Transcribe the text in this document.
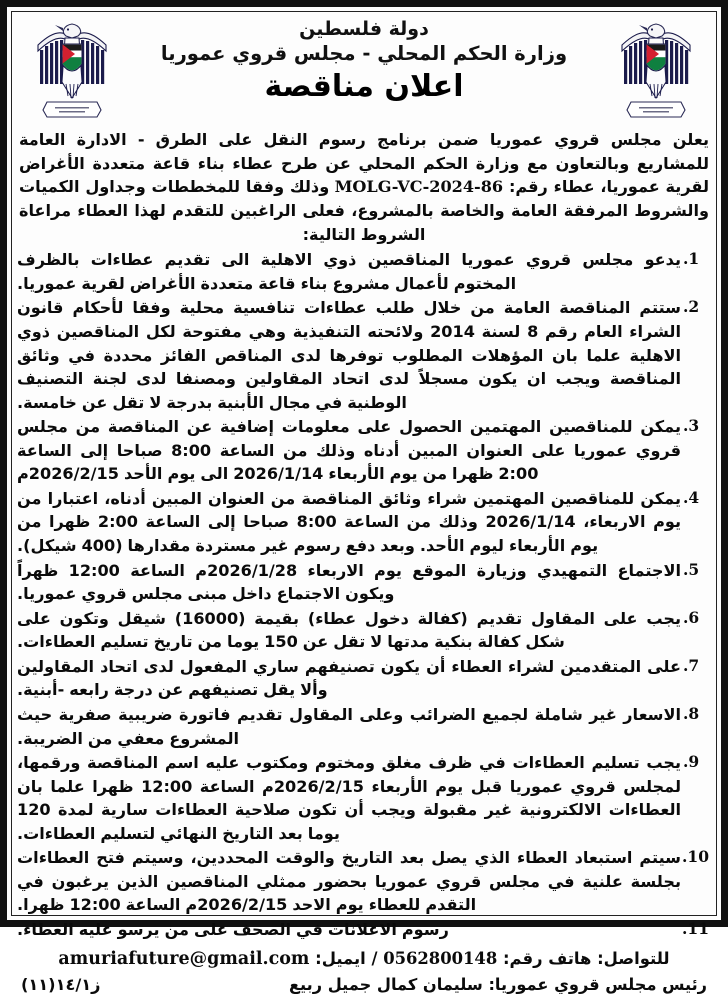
دولة فلسطين
وزارة الحكم المحلي - مجلس قروي عموريا
اعلان مناقصة

يعلن مجلس قروي عموريا ضمن برنامج رسوم النقل على الطرق - الادارة العامة للمشاريع وبالتعاون مع وزارة الحكم المحلي عن طرح عطاء بناء قاعة متعددة الأغراض لقرية عموريا، عطاء رقم: MOLG-VC-2024-86 وذلك وفقا للمخططات وجداول الكميات والشروط المرفقة العامة والخاصة بالمشروع، فعلى الراغبين للتقدم لهذا العطاء مراعاة الشروط التالية:

يدعو مجلس قروي عموريا المناقصين ذوي الاهلية الى تقديم عطاءات بالظرف المختوم لأعمال مشروع بناء قاعة متعددة الأغراض لقرية عموريا.
ستتم المناقصة العامة من خلال طلب عطاءات تنافسية محلية وفقا لأحكام قانون الشراء العام رقم 8 لسنة 2014 ولائحته التنفيذية وهي مفتوحة لكل المناقصين ذوي الاهلية علما بان المؤهلات المطلوب توفرها لدى المناقص الفائز محددة في وثائق المناقصة ويجب ان يكون مسجلاً لدى اتحاد المقاولين ومصنفا لدى لجنة التصنيف الوطنية في مجال الأبنية بدرجة لا تقل عن خامسة.
يمكن للمناقصين المهتمين الحصول على معلومات إضافية عن المناقصة من مجلس قروي عموريا على العنوان المبين أدناه وذلك من الساعة 8:00 صباحا إلى الساعة 2:00 ظهرا من يوم الأربعاء 2026/1/14 الى يوم الأحد 2026/2/15م
يمكن للمناقصين المهتمين شراء وثائق المناقصة من العنوان المبين أدناه، اعتبارا من يوم الاربعاء، 2026/1/14 وذلك من الساعة 8:00 صباحا إلى الساعة 2:00 ظهرا من يوم الأربعاء ليوم الأحد. وبعد دفع رسوم غير مستردة مقدارها (400 شيكل).
الاجتماع التمهيدي وزيارة الموقع يوم الاربعاء 2026/1/28م الساعة 12:00 ظهراً ويكون الاجتماع داخل مبنى مجلس قروي عموريا.
يجب على المقاول تقديم (كفالة دخول عطاء) بقيمة (16000) شيقل وتكون على شكل كفالة بنكية مدتها لا تقل عن 150 يوما من تاريخ تسليم العطاءات.
على المتقدمين لشراء العطاء أن يكون تصنيفهم ساري المفعول لدى اتحاد المقاولين وألا يقل تصنيفهم عن درجة رابعه -أبنية.
الاسعار غير شاملة لجميع الضرائب وعلى المقاول تقديم فاتورة ضريبية صفرية حيث المشروع معفي من الضريبة.
يجب تسليم العطاءات في ظرف مغلق ومختوم ومكتوب عليه اسم المناقصة ورقمها، لمجلس قروي عموريا قبل يوم الأربعاء 2026/2/15م الساعة 12:00 ظهرا علما بان العطاءات الالكترونية غير مقبولة ويجب أن تكون صلاحية العطاءات سارية لمدة 120 يوما بعد التاريخ النهائي لتسليم العطاءات.
سيتم استبعاد العطاء الذي يصل بعد التاريخ والوقت المحددين، وسيتم فتح العطاءات بجلسة علنية في مجلس قروي عموريا بحضور ممثلي المناقصين الذين يرغبون في التقدم للعطاء يوم الاحد 2026/2/15م الساعة 12:00 ظهرا.
رسوم الاعلانات في الصحف على من يرسو عليه العطاء.
للتواصل: هاتف رقم: 0562800148 / ايميل: amuriafuture@gmail.com
رئيس مجلس قروي عموريا: سليمان كمال جميل ربيع
ز١٤/١(١١)
